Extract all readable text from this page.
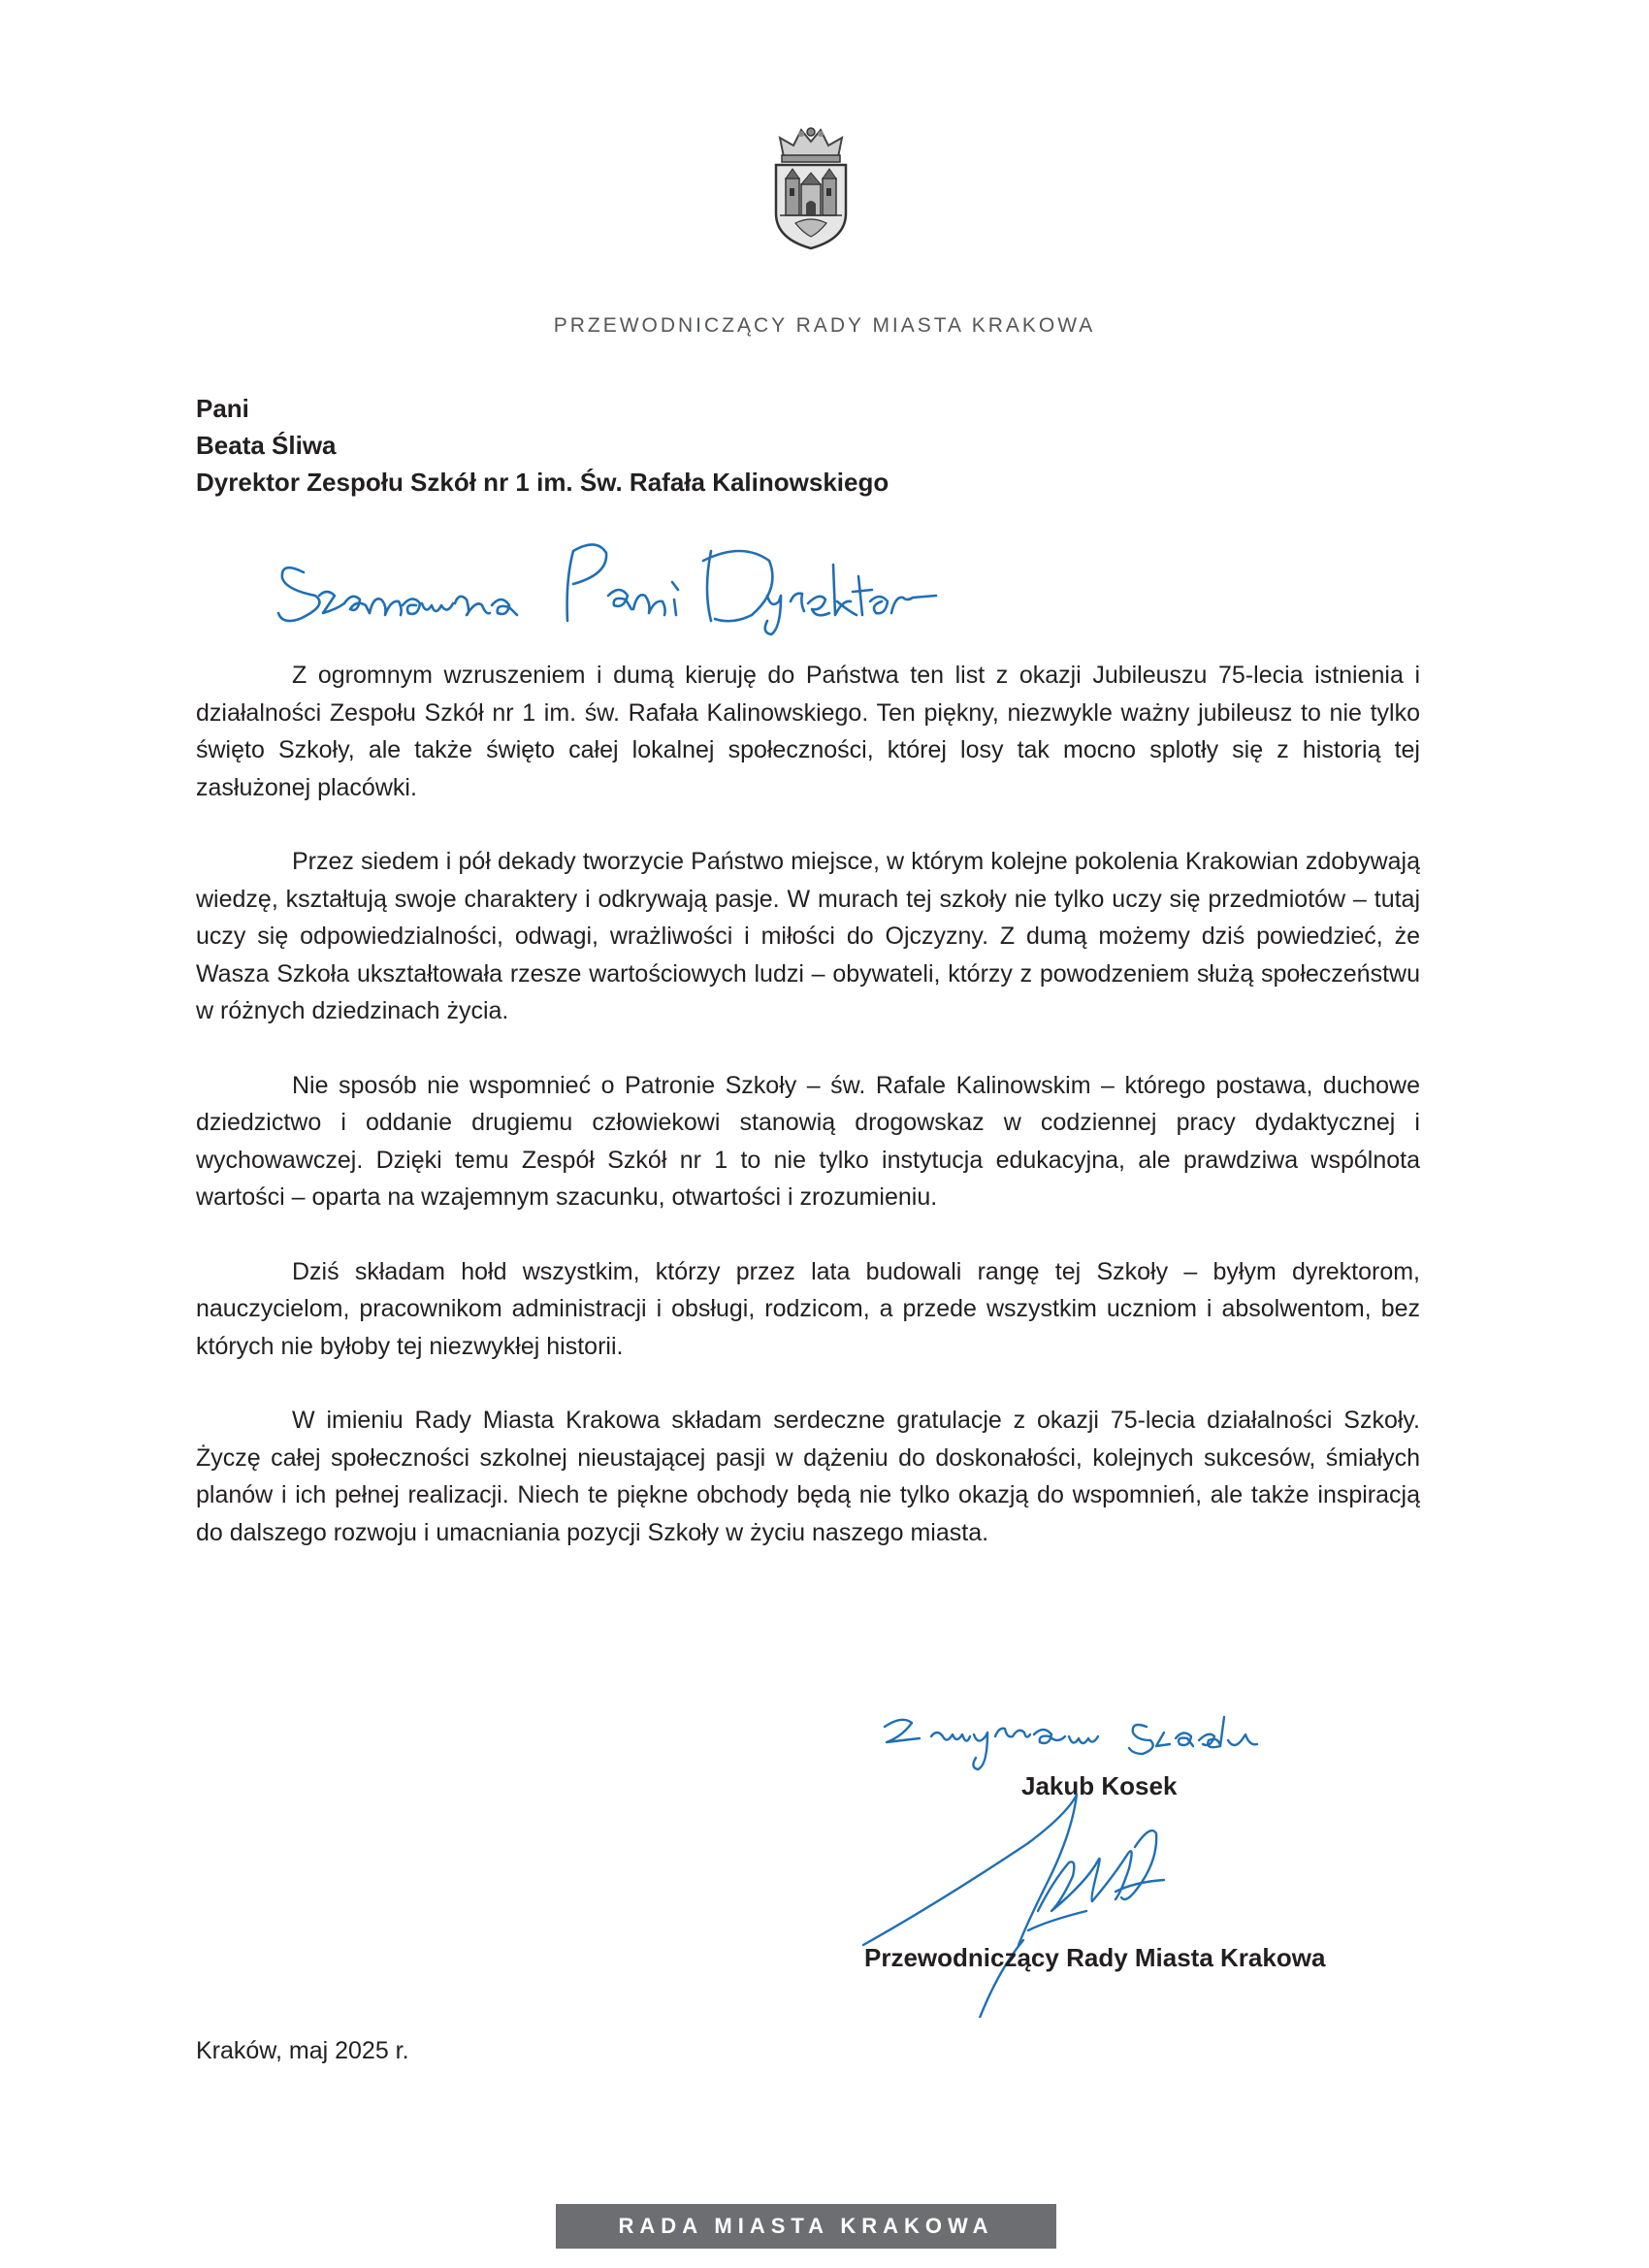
PRZEWODNICZĄCY RADY MIASTA KRAKOWA
Pani
Beata Śliwa
Dyrektor Zespołu Szkół nr 1 im. Św. Rafała Kalinowskiego

Z ogromnym wzruszeniem i dumą kieruję do Państwa ten list z okazji Jubileuszu 75-lecia istnienia i działalności Zespołu Szkół nr 1 im. św. Rafała Kalinowskiego. Ten piękny, niezwykle ważny jubileusz to nie tylko święto Szkoły, ale także święto całej lokalnej społeczności, której losy tak mocno splotły się z historią tej zasłużonej placówki.

Przez siedem i pół dekady tworzycie Państwo miejsce, w którym kolejne pokolenia Krakowian zdobywają wiedzę, kształtują swoje charaktery i odkrywają pasje. W murach tej szkoły nie tylko uczy się przedmiotów – tutaj uczy się odpowiedzialności, odwagi, wrażliwości i miłości do Ojczyzny. Z dumą możemy dziś powiedzieć, że Wasza Szkoła ukształtowała rzesze wartościowych ludzi – obywateli, którzy z powodzeniem służą społeczeństwu w różnych dziedzinach życia.

Nie sposób nie wspomnieć o Patronie Szkoły – św. Rafale Kalinowskim – którego postawa, duchowe dziedzictwo i oddanie drugiemu człowiekowi stanowią drogowskaz w codziennej pracy dydaktycznej i wychowawczej. Dzięki temu Zespół Szkół nr 1 to nie tylko instytucja edukacyjna, ale prawdziwa wspólnota wartości – oparta na wzajemnym szacunku, otwartości i zrozumieniu.

Dziś składam hołd wszystkim, którzy przez lata budowali rangę tej Szkoły – byłym dyrektorom, nauczycielom, pracownikom administracji i obsługi, rodzicom, a przede wszystkim uczniom i absolwentom, bez których nie byłoby tej niezwykłej historii.

W imieniu Rady Miasta Krakowa składam serdeczne gratulacje z okazji 75-lecia działalności Szkoły. Życzę całej społeczności szkolnej nieustającej pasji w dążeniu do doskonałości, kolejnych sukcesów, śmiałych planów i ich pełnej realizacji. Niech te piękne obchody będą nie tylko okazją do wspomnień, ale także inspiracją do dalszego rozwoju i umacniania pozycji Szkoły w życiu naszego miasta.

Jakub Kosek
Przewodniczący Rady Miasta Krakowa
Kraków, maj 2025 r.
RADA MIASTA KRAKOWA
